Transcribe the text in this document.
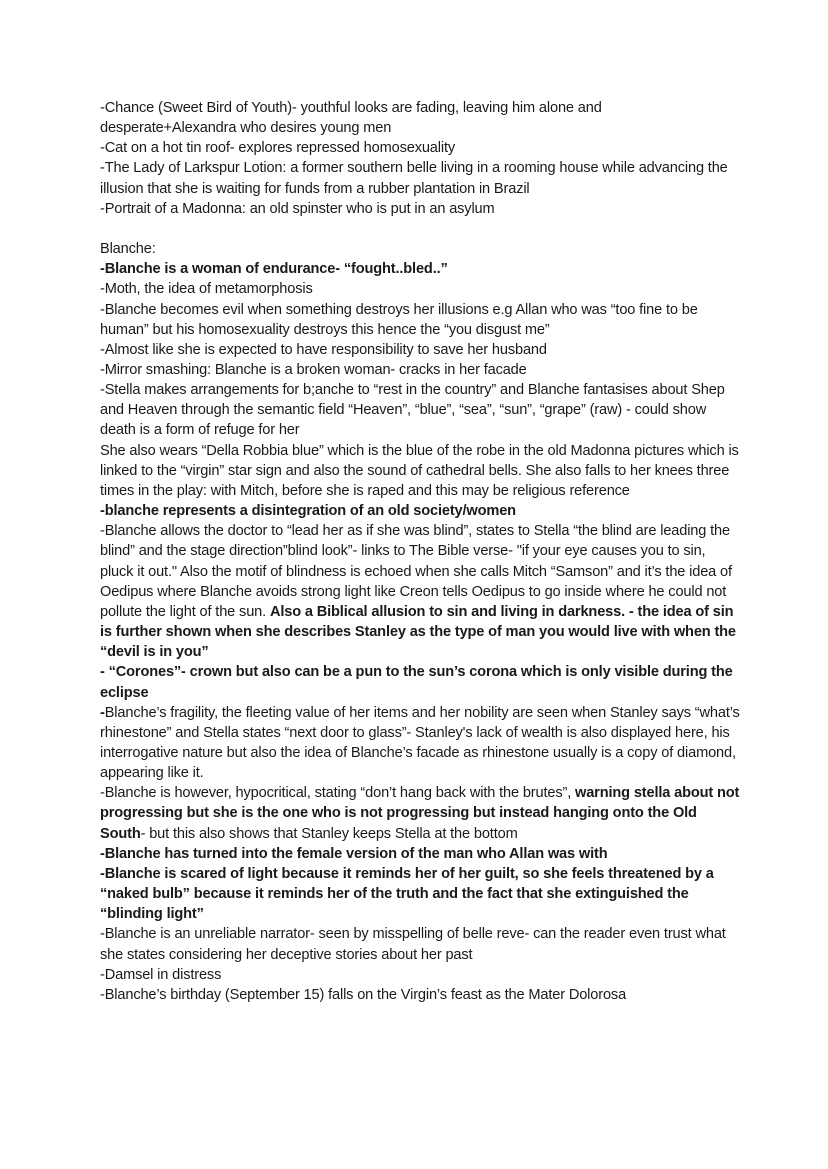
-Chance (Sweet Bird of Youth)- youthful looks are fading, leaving him alone and desperate+Alexandra who desires young men

-Cat on a hot tin roof- explores repressed homosexuality

-The Lady of Larkspur Lotion: a former southern belle living in a rooming house while advancing the illusion that she is waiting for funds from a rubber plantation in Brazil

-Portrait of a Madonna: an old spinster who is put in an asylum

Blanche:

-Blanche is a woman of endurance- “fought..bled..”

-Moth, the idea of metamorphosis

-Blanche becomes evil when something destroys her illusions e.g Allan who was “too fine to be human” but his homosexuality destroys this hence the “you disgust me”

-Almost like she is expected to have responsibility to save her husband

-Mirror smashing: Blanche is a broken woman- cracks in her facade

-Stella makes arrangements for b;anche to “rest in the country” and Blanche fantasises about Shep and Heaven through the semantic field “Heaven”, “blue”, “sea”, “sun”, “grape” (raw) - could show death is a form of refuge for her

She also wears “Della Robbia blue” which is the blue of the robe in the old Madonna pictures which is linked to the “virgin” star sign and also the sound of cathedral bells. She also falls to her knees three times in the play: with Mitch, before she is raped and this may be religious reference

-blanche represents a disintegration of an old society/women

-Blanche allows the doctor to “lead her as if she was blind”, states to Stella “the blind are leading the blind” and the stage direction”blind look”- links to The Bible verse- "if your eye causes you to sin, pluck it out." Also the motif of blindness is echoed when she calls Mitch “Samson” and it’s the idea of Oedipus where Blanche avoids strong light like Creon tells Oedipus to go inside where he could not pollute the light of the sun. Also a Biblical allusion to sin and living in darkness. - the idea of sin is further shown when she describes Stanley as the type of man you would live with when the “devil is in you”

- “Corones”- crown but also can be a pun to the sun’s corona which is only visible during the eclipse

-Blanche’s fragility, the fleeting value of her items and her nobility are seen when Stanley says “what’s rhinestone” and Stella states “next door to glass”- Stanley's lack of wealth is also displayed here, his interrogative nature but also the idea of Blanche’s facade as rhinestone usually is a copy of diamond, appearing like it.

-Blanche is however, hypocritical, stating “don’t hang back with the brutes”, warning stella about not progressing but she is the one who is not progressing but instead hanging onto the Old South- but this also shows that Stanley keeps Stella at the bottom

-Blanche has turned into the female version of the man who Allan was with

-Blanche is scared of light because it reminds her of her guilt, so she feels threatened by a “naked bulb” because it reminds her of the truth and the fact that she extinguished the “blinding light”

-Blanche is an unreliable narrator- seen by misspelling of belle reve- can the reader even trust what she states considering her deceptive stories about her past

-Damsel in distress

-Blanche’s birthday (September 15) falls on the Virgin’s feast as the Mater Dolorosa
